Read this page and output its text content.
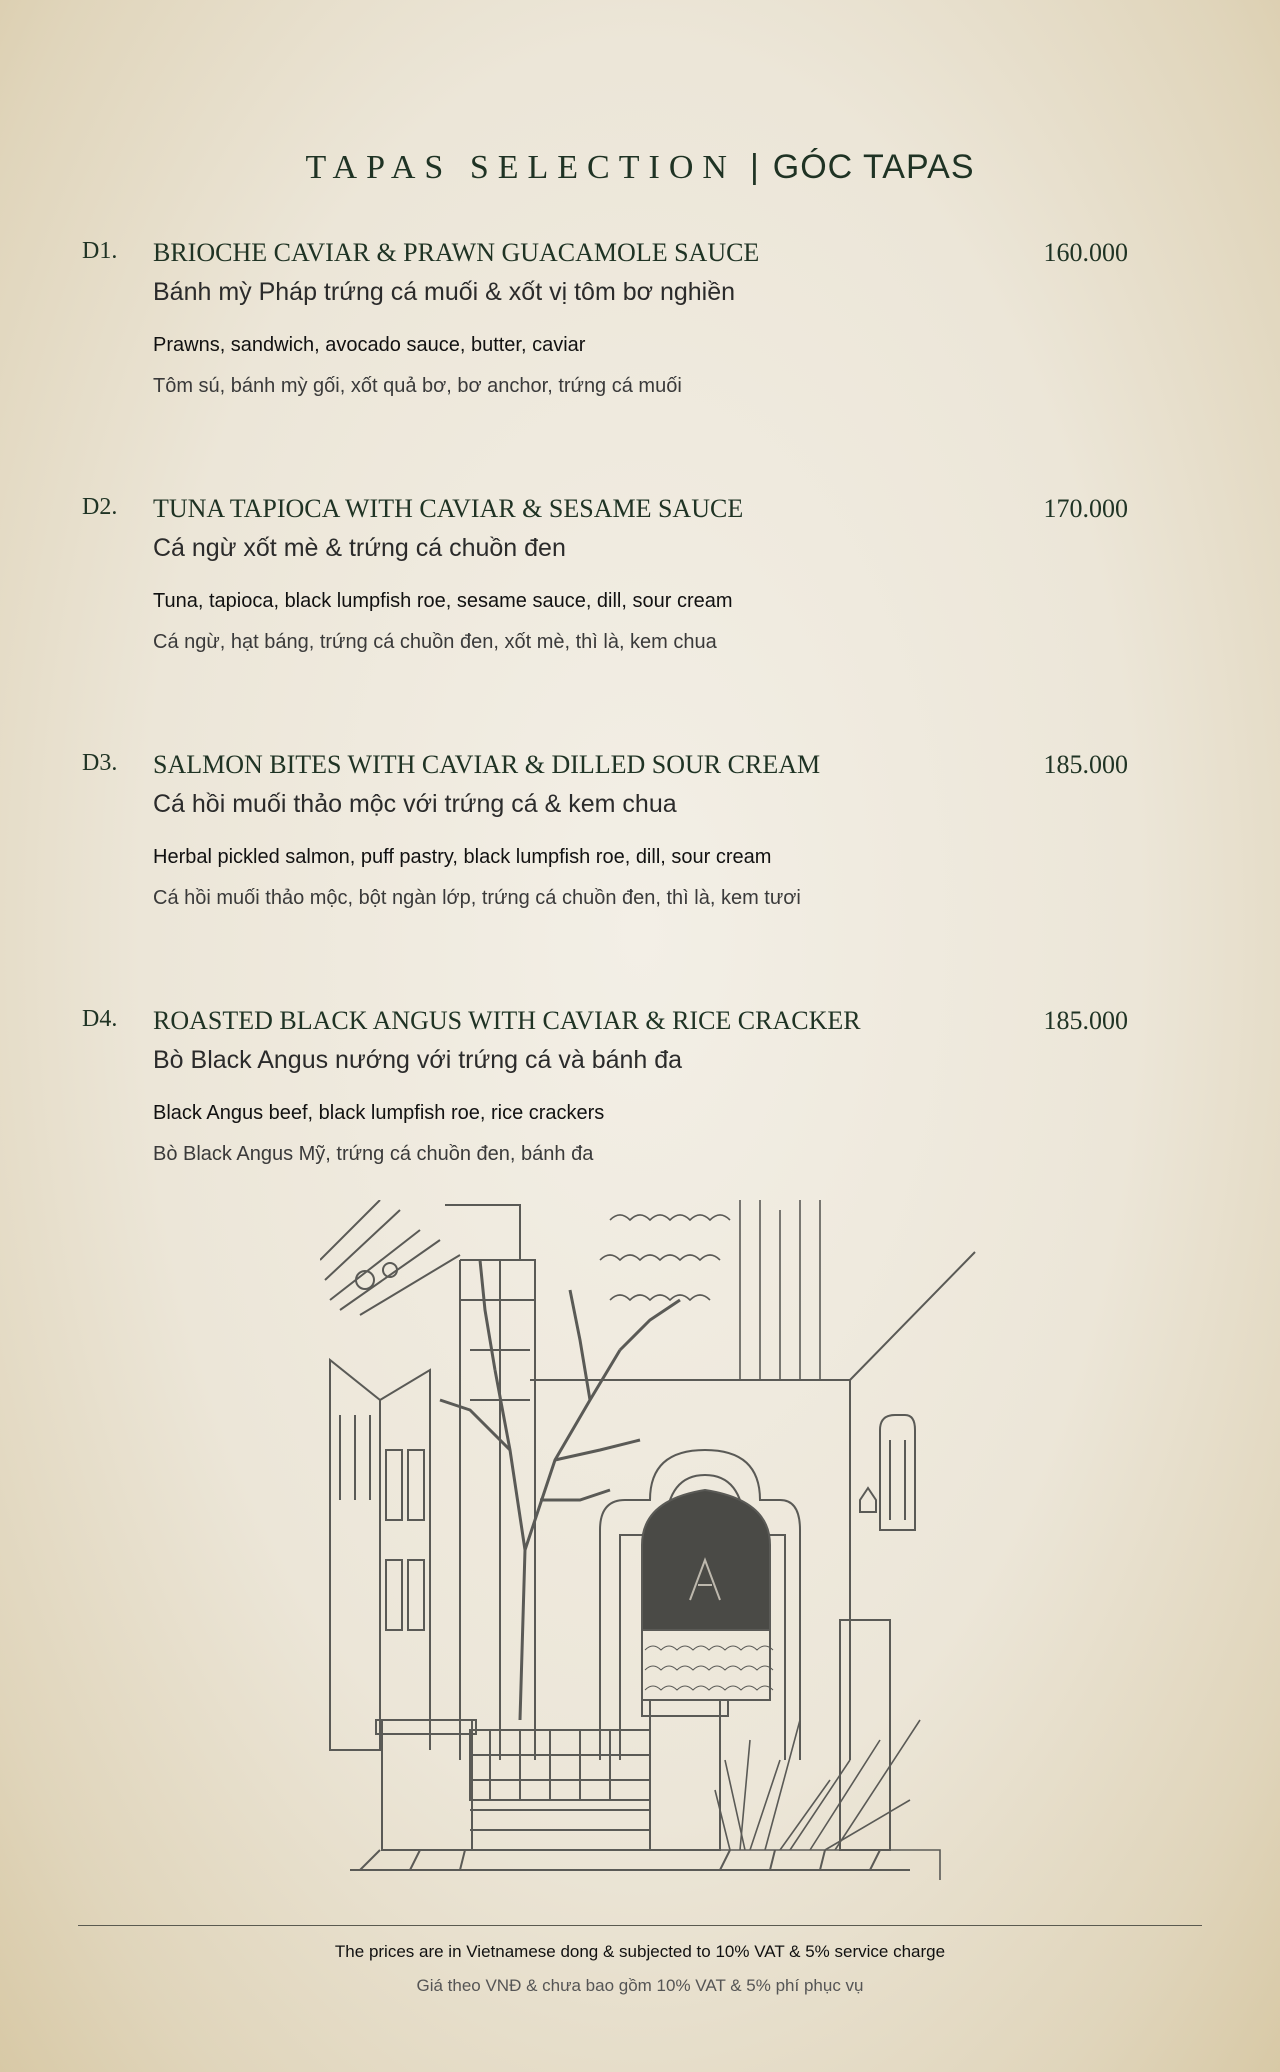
TAPAS SELECTION | GÓC TAPAS
D1. BRIOCHE CAVIAR & PRAWN GUACAMOLE SAUCE	160.000
Bánh mỳ Pháp trứng cá muối & xốt vị tôm bơ nghiền
Prawns, sandwich, avocado sauce, butter, caviar
Tôm sú, bánh mỳ gối, xốt quả bơ, bơ anchor, trứng cá muối
D2. TUNA TAPIOCA WITH CAVIAR & SESAME SAUCE	170.000
Cá ngừ xốt mè & trứng cá chuồn đen
Tuna, tapioca, black lumpfish roe, sesame sauce, dill, sour cream
Cá ngừ, hạt báng, trứng cá chuồn đen, xốt mè, thì là, kem chua
D3. SALMON BITES WITH CAVIAR & DILLED SOUR CREAM	185.000
Cá hồi muối thảo mộc với trứng cá & kem chua
Herbal pickled salmon, puff pastry, black lumpfish roe, dill, sour cream
Cá hồi muối thảo mộc, bột ngàn lớp, trứng cá chuồn đen, thì là, kem tươi
D4. ROASTED BLACK ANGUS WITH CAVIAR & RICE CRACKER	185.000
Bò Black Angus nướng với trứng cá và bánh đa
Black Angus beef, black lumpfish roe, rice crackers
Bò Black Angus Mỹ, trứng cá chuồn đen, bánh đa
The prices are in Vietnamese dong & subjected to 10% VAT & 5% service charge
Giá theo VNĐ & chưa bao gồm 10% VAT & 5% phí phục vụ
